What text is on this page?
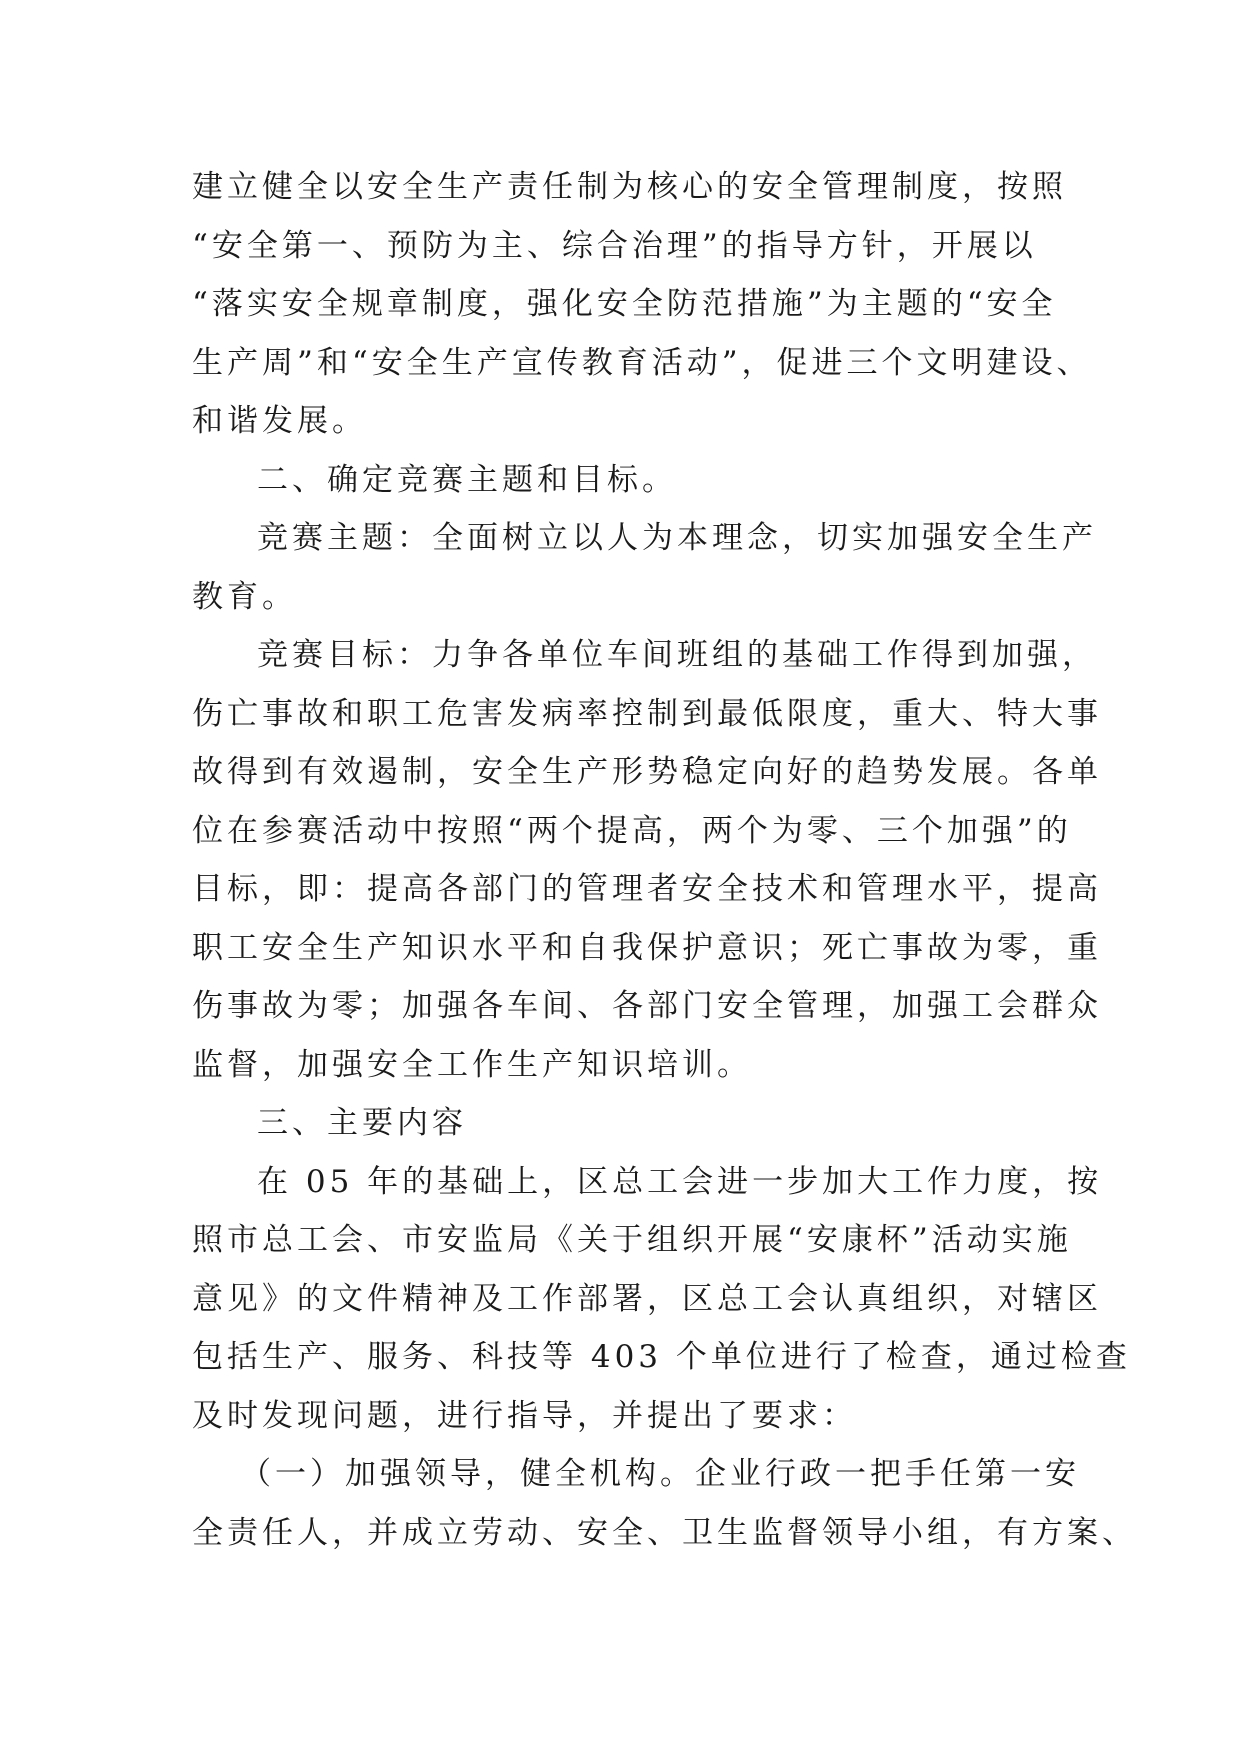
建立健全以安全生产责任制为核心的安全管理制度，按照
“安全第一、预防为主、综合治理”的指导方针，开展以
“落实安全规章制度，强化安全防范措施”为主题的“安全
生产周”和“安全生产宣传教育活动”，促进三个文明建设、
和谐发展。
二、确定竞赛主题和目标。
竞赛主题：全面树立以人为本理念，切实加强安全生产
教育。
竞赛目标：力争各单位车间班组的基础工作得到加强，
伤亡事故和职工危害发病率控制到最低限度，重大、特大事
故得到有效遏制，安全生产形势稳定向好的趋势发展。各单
位在参赛活动中按照“两个提高，两个为零、三个加强”的
目标，即：提高各部门的管理者安全技术和管理水平，提高
职工安全生产知识水平和自我保护意识；死亡事故为零，重
伤事故为零；加强各车间、各部门安全管理，加强工会群众
监督，加强安全工作生产知识培训。
三、主要内容
在 05 年的基础上，区总工会进一步加大工作力度，按
照市总工会、市安监局《关于组织开展“安康杯”活动实施
意见》的文件精神及工作部署，区总工会认真组织，对辖区
包括生产、服务、科技等 403 个单位进行了检查，通过检查
及时发现问题，进行指导，并提出了要求：
（一）加强领导，健全机构。企业行政一把手任第一安
全责任人，并成立劳动、安全、卫生监督领导小组，有方案、
